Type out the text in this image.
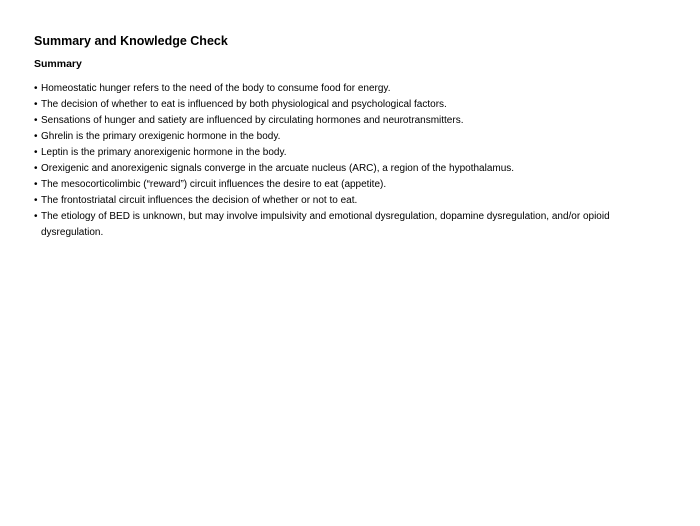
Summary and Knowledge Check
Summary
• Homeostatic hunger refers to the need of the body to consume food for energy.
• The decision of whether to eat is influenced by both physiological and psychological factors.
• Sensations of hunger and satiety are influenced by circulating hormones and neurotransmitters.
• Ghrelin is the primary orexigenic hormone in the body.
• Leptin is the primary anorexigenic hormone in the body.
• Orexigenic and anorexigenic signals converge in the arcuate nucleus (ARC), a region of the hypothalamus.
• The mesocorticolimbic (“reward”) circuit influences the desire to eat (appetite).
• The frontostriatal circuit influences the decision of whether or not to eat.
• The etiology of BED is unknown, but may involve impulsivity and emotional dysregulation, dopamine dysregulation, and/or opioid dysregulation.
